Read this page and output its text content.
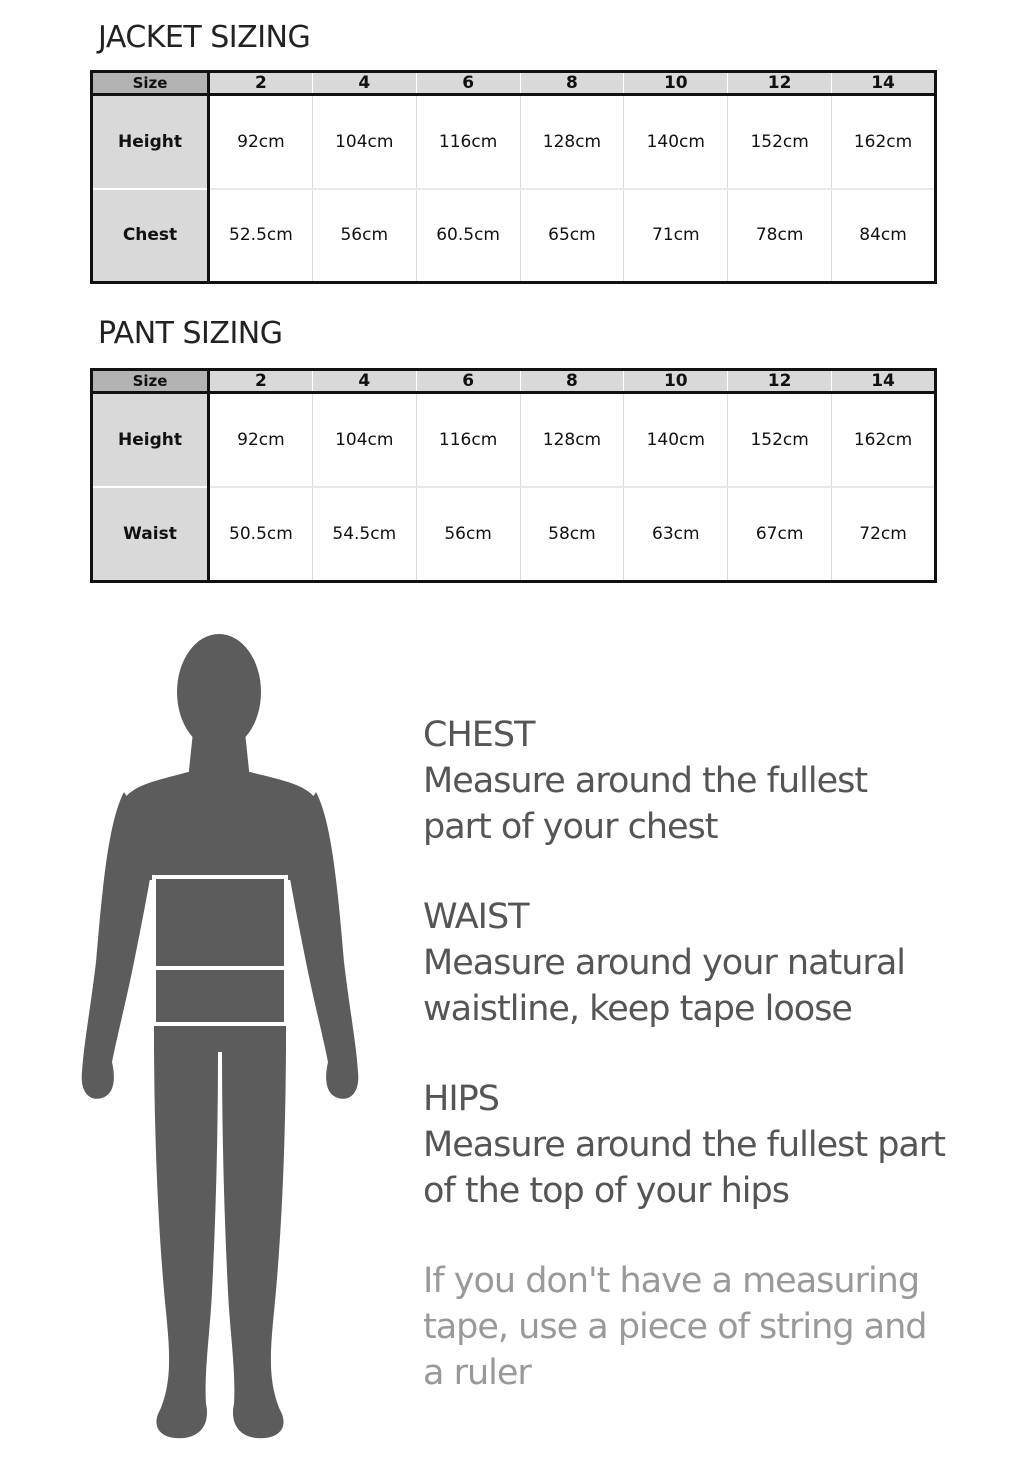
JACKET SIZING
Size	2	4	6	8	10	12	14
Height	92cm	104cm	116cm	128cm	140cm	152cm	162cm
Chest	52.5cm	56cm	60.5cm	65cm	71cm	78cm	84cm
PANT SIZING
Size	2	4	6	8	10	12	14
Height	92cm	104cm	116cm	128cm	140cm	152cm	162cm
Waist	50.5cm	54.5cm	56cm	58cm	63cm	67cm	72cm
CHEST
Measure around the fullest
part of your chest
WAIST
Measure around your natural
waistline, keep tape loose
HIPS
Measure around the fullest part
of the top of your hips
If you don't have a measuring
tape, use a piece of string and
a ruler
